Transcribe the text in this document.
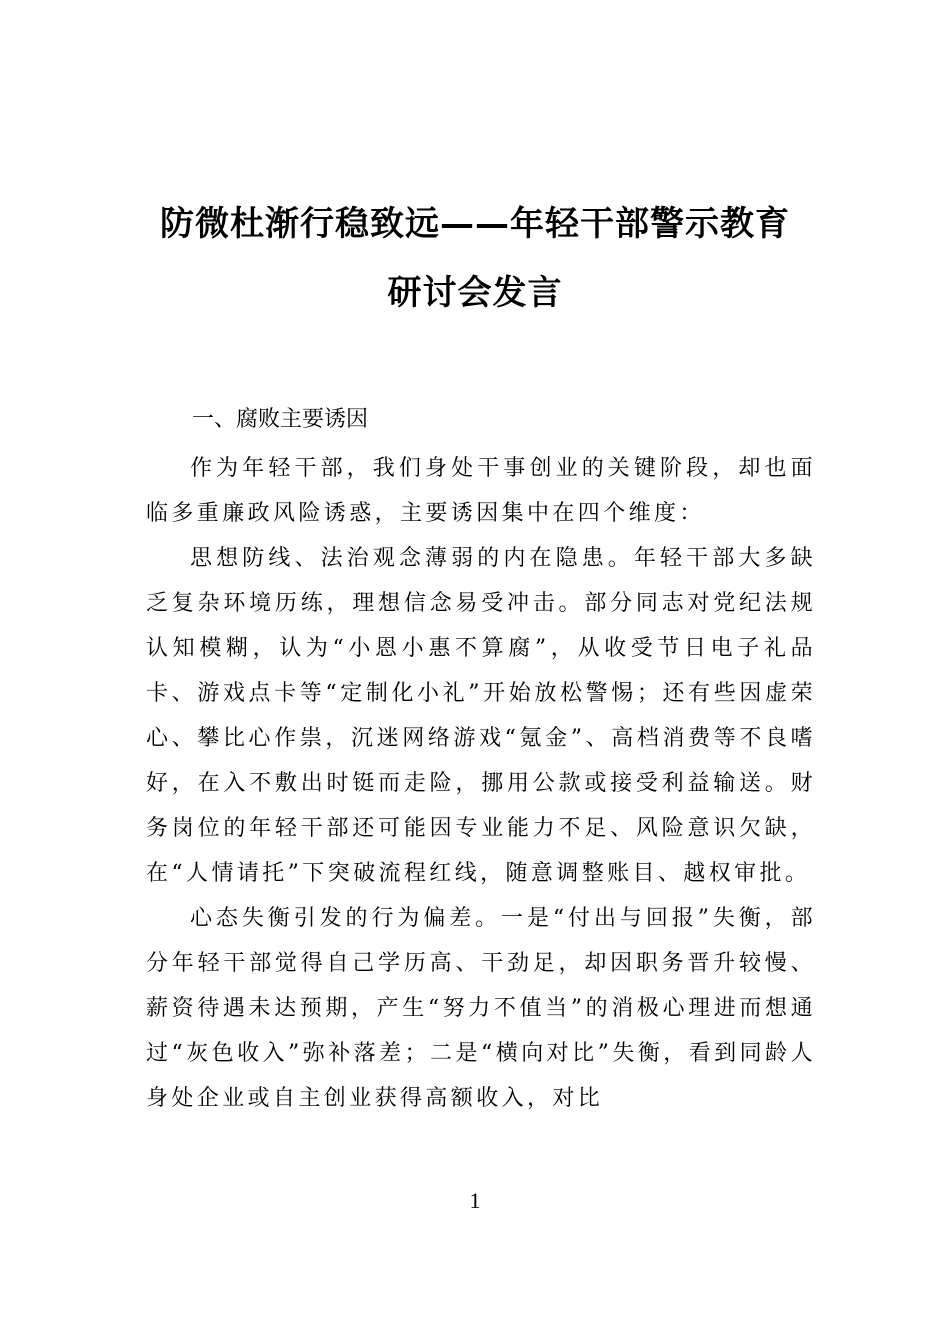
防微杜渐行稳致远——年轻干部警示教育
研讨会发言
一、腐败主要诱因

作为年轻干部，我们身处干事创业的关键阶段，却也面临多重廉政风险诱惑，主要诱因集中在四个维度：

思想防线、法治观念薄弱的内在隐患。年轻干部大多缺乏复杂环境历练，理想信念易受冲击。部分同志对党纪法规认知模糊，认为“小恩小惠不算腐”，从收受节日电子礼品卡、游戏点卡等“定制化小礼”开始放松警惕；还有些因虚荣心、攀比心作祟，沉迷网络游戏“氪金”、高档消费等不良嗜好，在入不敷出时铤而走险，挪用公款或接受利益输送。财务岗位的年轻干部还可能因专业能力不足、风险意识欠缺，在“人情请托”下突破流程红线，随意调整账目、越权审批。

心态失衡引发的行为偏差。一是“付出与回报”失衡，部分年轻干部觉得自己学历高、干劲足，却因职务晋升较慢、薪资待遇未达预期，产生“努力不值当”的消极心理进而想通过“灰色收入”弥补落差；二是“横向对比”失衡，看到同龄人身处企业或自主创业获得高额收入，对比

1
